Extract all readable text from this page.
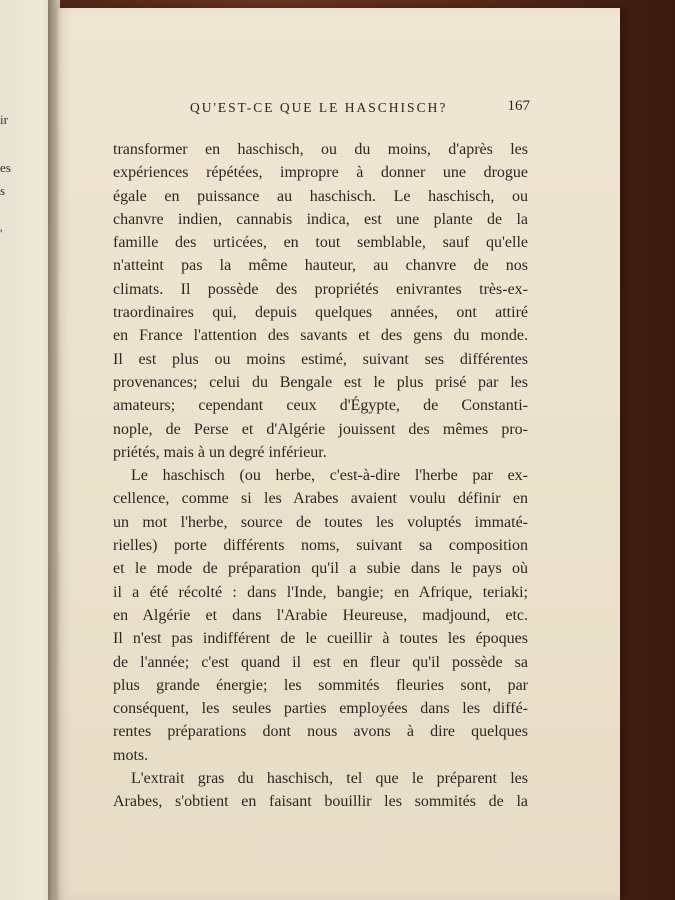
ir
es
s
'
QU'EST-CE QUE LE HASCHISCH?	167

transformer en haschisch, ou du moins, d'après les
expériences répétées, impropre à donner une drogue
égale en puissance au haschisch. Le haschisch, ou
chanvre indien, cannabis indica, est une plante de la
famille des urticées, en tout semblable, sauf qu'elle
n'atteint pas la même hauteur, au chanvre de nos
climats. Il possède des propriétés enivrantes très-ex-
traordinaires qui, depuis quelques années, ont attiré
en France l'attention des savants et des gens du monde.
Il est plus ou moins estimé, suivant ses différentes
provenances; celui du Bengale est le plus prisé par les
amateurs; cependant ceux d'Égypte, de Constanti-
nople, de Perse et d'Algérie jouissent des mêmes pro-
priétés, mais à un degré inférieur.

Le haschisch (ou herbe, c'est-à-dire l'herbe par ex-
cellence, comme si les Arabes avaient voulu définir en
un mot l'herbe, source de toutes les voluptés immaté-
rielles) porte différents noms, suivant sa composition
et le mode de préparation qu'il a subie dans le pays où
il a été récolté : dans l'Inde, bangie; en Afrique, teriaki;
en Algérie et dans l'Arabie Heureuse, madjound, etc.
Il n'est pas indifférent de le cueillir à toutes les époques
de l'année; c'est quand il est en fleur qu'il possède sa
plus grande énergie; les sommités fleuries sont, par
conséquent, les seules parties employées dans les diffé-
rentes préparations dont nous avons à dire quelques
mots.

L'extrait gras du haschisch, tel que le préparent les
Arabes, s'obtient en faisant bouillir les sommités de la
